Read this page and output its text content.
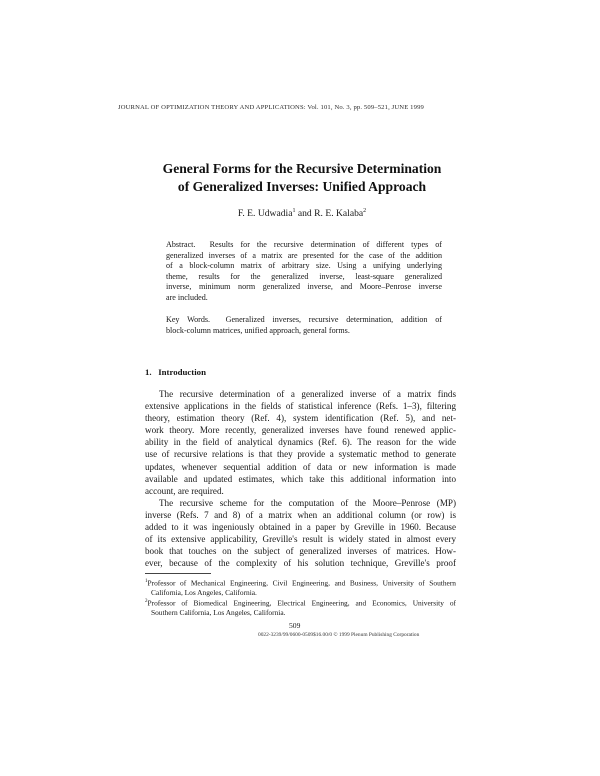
JOURNAL OF OPTIMIZATION THEORY AND APPLICATIONS: Vol. 101, No. 3, pp. 509–521, JUNE 1999
General Forms for the Recursive Determination
of Generalized Inverses: Unified Approach
F. E. Udwadia$^1$ and R. E. Kalaba$^2$
Abstract. Results for the recursive determination of different types of
generalized inverses of a matrix are presented for the case of the addition
of a block-column matrix of arbitrary size. Using a unifying underlying
theme, results for the generalized inverse, least-square generalized
inverse, minimum norm generalized inverse, and Moore–Penrose inverse
are included.
Key Words. Generalized inverses, recursive determination, addition of
block-column matrices, unified approach, general forms.
1. Introduction
The recursive determination of a generalized inverse of a matrix finds
extensive applications in the fields of statistical inference (Refs. 1–3), filtering
theory, estimation theory (Ref. 4), system identification (Ref. 5), and net-
work theory. More recently, generalized inverses have found renewed applic-
ability in the field of analytical dynamics (Ref. 6). The reason for the wide
use of recursive relations is that they provide a systematic method to generate
updates, whenever sequential addition of data or new information is made
available and updated estimates, which take this additional information into
account, are required.
The recursive scheme for the computation of the Moore–Penrose (MP)
inverse (Refs. 7 and 8) of a matrix when an additional column (or row) is
added to it was ingeniously obtained in a paper by Greville in 1960. Because
of its extensive applicability, Greville's result is widely stated in almost every
book that touches on the subject of generalized inverses of matrices. How-
ever, because of the complexity of his solution technique, Greville's proof
$^1$Professor of Mechanical Engineering, Civil Engineering, and Business, University of Southern
California, Los Angeles, California.
$^2$Professor of Biomedical Engineering, Electrical Engineering, and Economics, University of
Southern California, Los Angeles, California.
509
0022-3239/99/0600-0509$16.00/0 © 1999 Plenum Publishing Corporation
